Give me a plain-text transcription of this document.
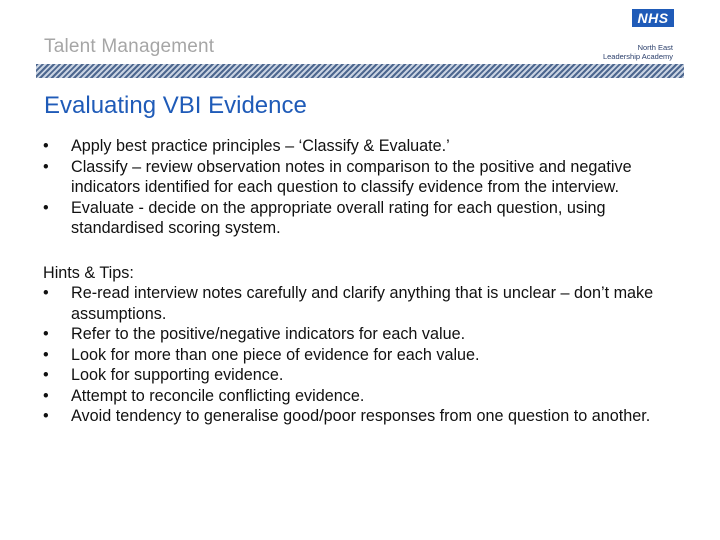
Talent Management
NHS
North East
Leadership Academy
Evaluating VBI Evidence
• Apply best practice principles – ‘Classify & Evaluate.’
• Classify – review observation notes in comparison to the positive and negative indicators identified for each question to classify evidence from the interview.
• Evaluate - decide on the appropriate overall rating for each question, using standardised scoring system.
Hints & Tips:
• Re-read interview notes carefully and clarify anything that is unclear – don’t make assumptions.
• Refer to the positive/negative indicators for each value.
• Look for more than one piece of evidence for each value.
• Look for supporting evidence.
• Attempt to reconcile conflicting evidence.
• Avoid tendency to generalise good/poor responses from one question to another.
